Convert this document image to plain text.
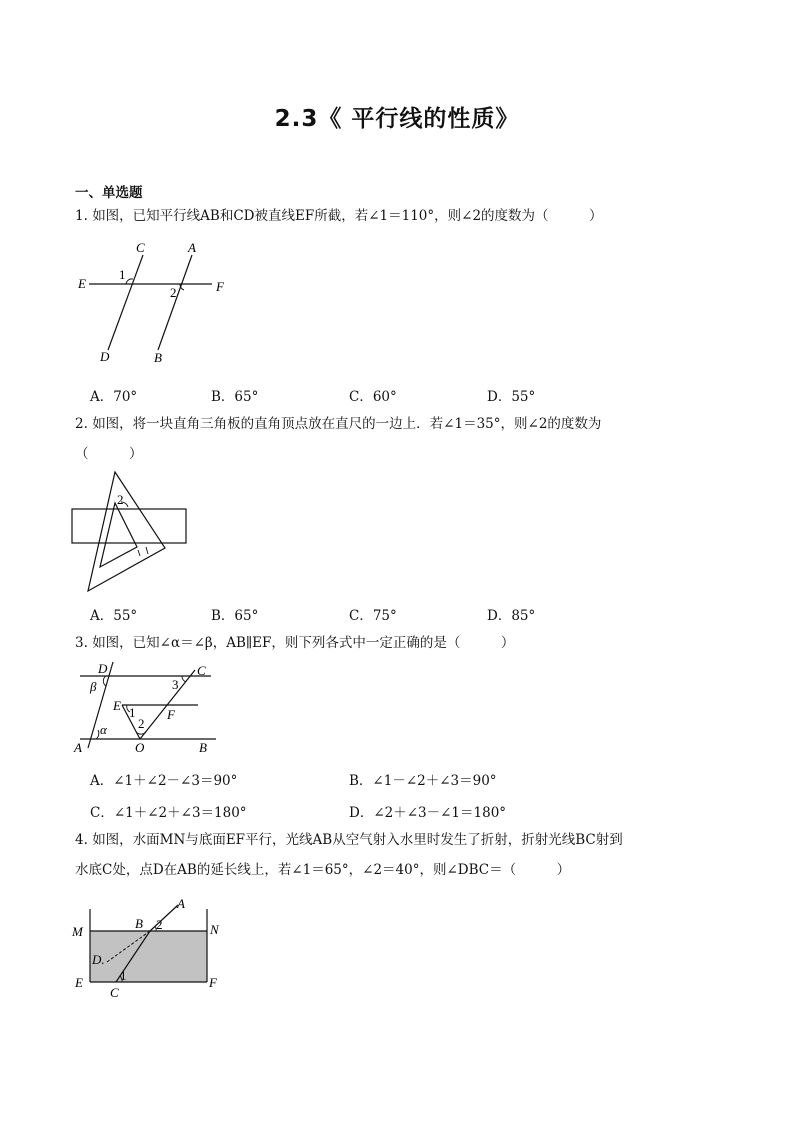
2.3《 平行线的性质》
一、单选题
1. 如图，已知平行线AB和CD被直线EF所截，若∠1＝110°，则∠2的度数为（　　　）
C	A
E	F
1
2
D	B
A．70°	B．65°	C．60°	D．55°
2. 如图，将一块直角三角板的直角顶点放在直尺的一边上．若∠1＝35°，则∠2的度数为
（　　　）
2
A．55°	B．65°	C．75°	D．85°
3. 如图，已知∠α＝∠β，AB∥EF，则下列各式中一定正确的是（　　　）
D	C
β	3
E 1 F
2
α
A	O	B
A．∠1＋∠2－∠3＝90°	B．∠1－∠2＋∠3＝90°
C．∠1＋∠2＋∠3＝180°	D．∠2＋∠3－∠1＝180°
4. 如图，水面MN与底面EF平行，光线AB从空气射入水里时发生了折射，折射光线BC射到
水底C处，点D在AB的延长线上，若∠1＝65°，∠2＝40°，则∠DBC＝（　　　）
A
M
B 2	N
D.
E	1
C
F
